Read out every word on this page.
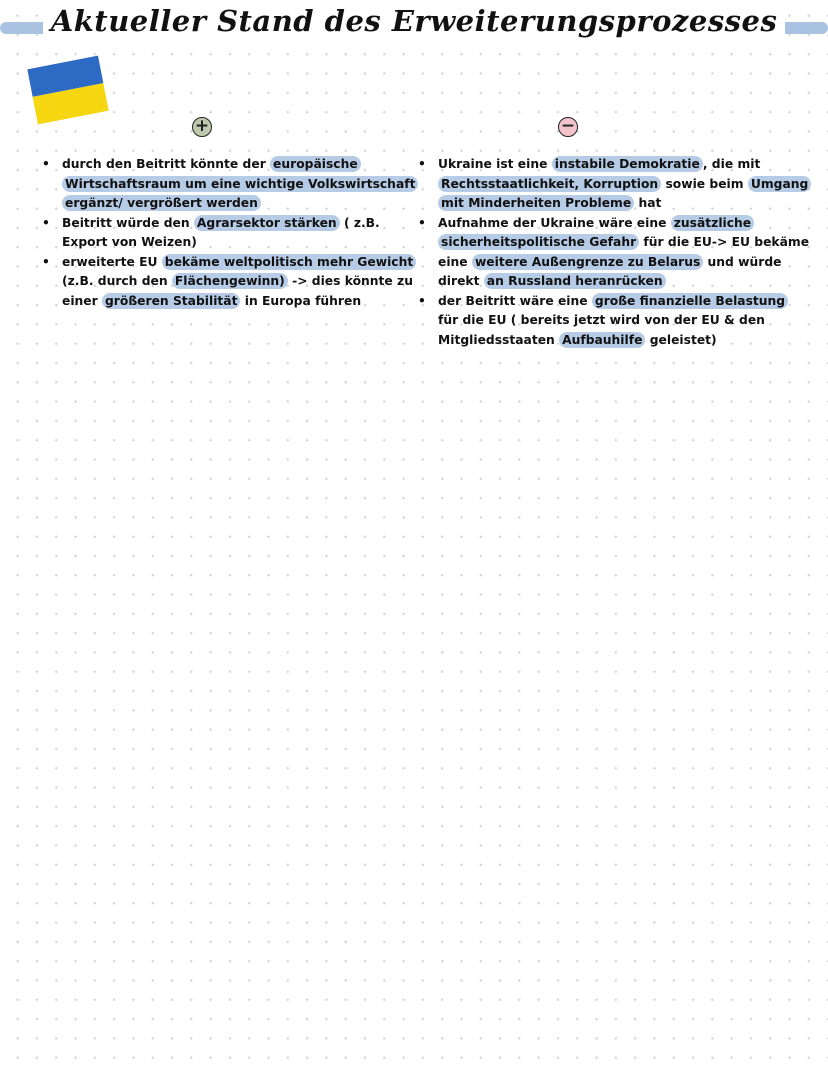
Aktueller Stand des Erweiterungsprozesses
+	−
• durch den Beitritt könnte der europäische
Wirtschaftsraum um eine wichtige Volkswirtschaft
ergänzt/ vergrößert werden
• Beitritt würde den Agrarsektor stärken ( z.B.
Export von Weizen)
• erweiterte EU bekäme weltpolitisch mehr Gewicht
(z.B. durch den Flächengewinn) -> dies könnte zu
einer größeren Stabilität in Europa führen
• Ukraine ist eine instabile Demokratie , die mit
Rechtsstaatlichkeit, Korruption sowie beim Umgang
mit Minderheiten Probleme hat
• Aufnahme der Ukraine wäre eine zusätzliche
sicherheitspolitische Gefahr für die EU-> EU bekäme
eine weitere Außengrenze zu Belarus und würde
direkt an Russland heranrücken
• der Beitritt wäre eine große finanzielle Belastung
für die EU ( bereits jetzt wird von der EU & den
Mitgliedsstaaten Aufbauhilfe geleistet)
